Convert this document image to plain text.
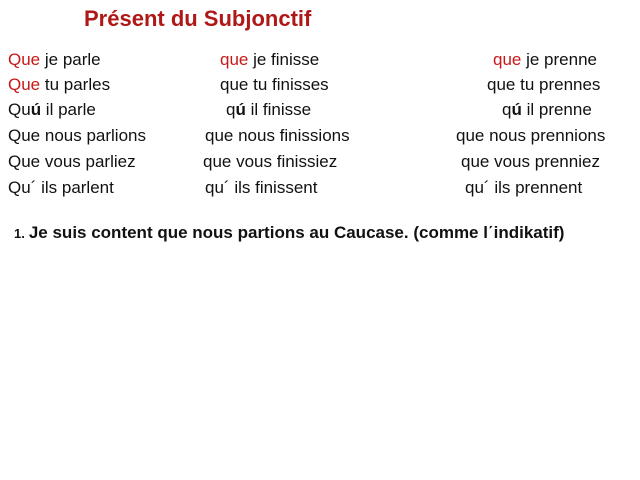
Présent du Subjonctif
Que je parle
Que tu parles
Quú il parle
Que nous parlions
Que vous parliez
Qu´ ils parlent
que je finisse
que tu finisses
qú il finisse
que nous finissions
que vous finissiez
qu´ ils finissent
que je prenne
que tu prennes
qú il prenne
que nous prennions
que vous prenniez
qu´ ils prennent
1. Je suis content que nous partions au Caucase. (comme l΄indikatif)
